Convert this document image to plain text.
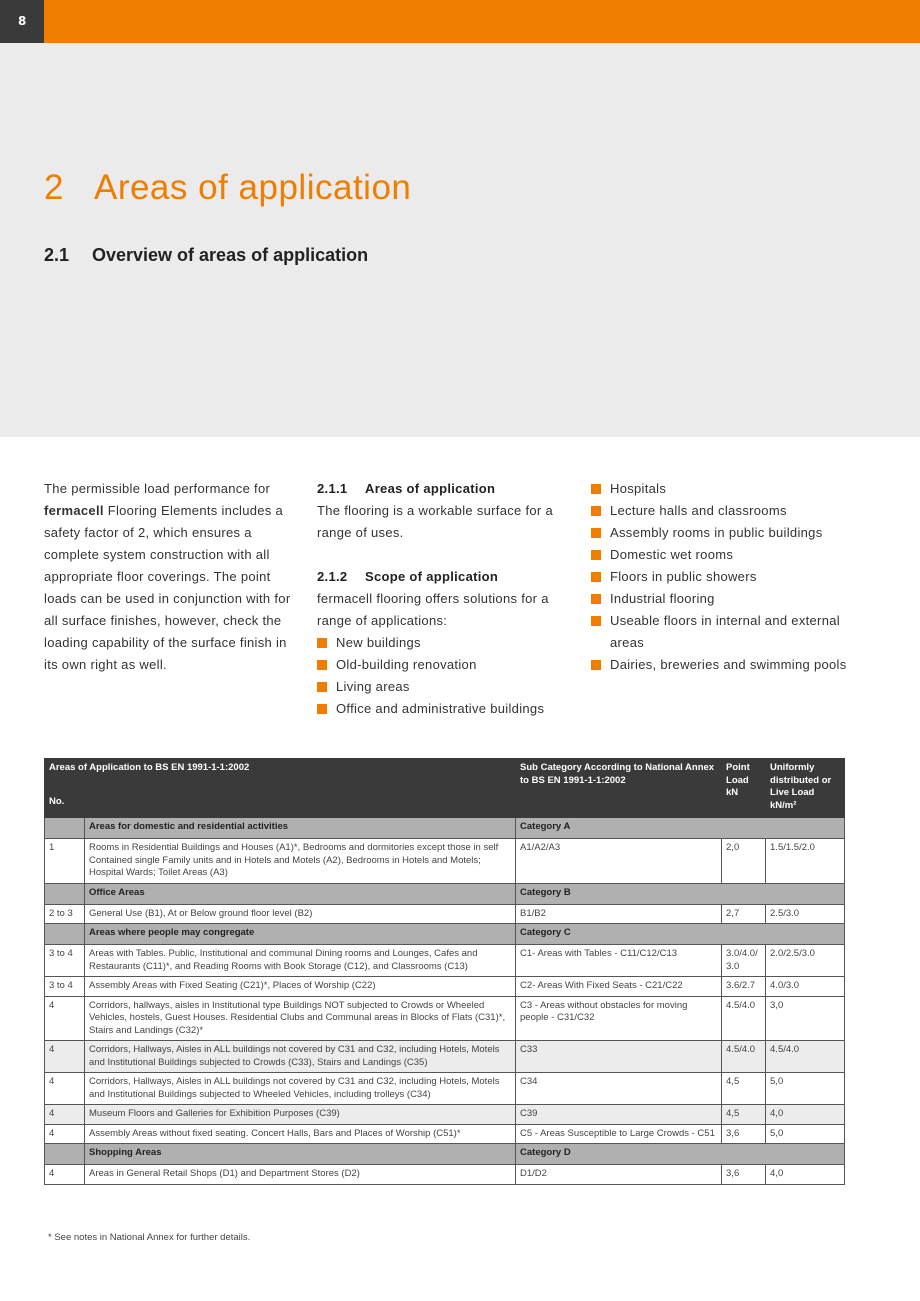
8
2 Areas of application
2.1 Overview of areas of application

The permissible load performance for fermacell Flooring Elements includes a safety factor of 2, which ensures a complete system construction with all appropriate floor coverings. The point loads can be used in conjunction with for all surface finishes, however, check the loading capability of the surface finish in its own right as well.

2.1.1 Areas of application

The flooring is a workable surface for a range of uses.

2.1.2 Scope of application

fermacell flooring offers solutions for a range of applications:

New buildings
Old-building renovation
Living areas
Office and administrative buildings
Hospitals
Lecture halls and classrooms
Assembly rooms in public buildings
Domestic wet rooms
Floors in public showers
Industrial flooring
Useable floors in internal and external areas
Dairies, breweries and swimming pools
Areas of Application to BS EN 1991-1-1:2002
No.		Sub Category According to National Annex to BS EN 1991-1-1:2002	Point Load kN	Uniformly distributed or Live Load kN/m²
	Areas for domestic and residential activities	Category A		
1	Rooms in Residential Buildings and Houses (A1)*, Bedrooms and dormitories except those in self Contained single Family units and in Hotels and Motels (A2), Bedrooms in Hotels and Motels; Hospital Wards; Toilet Areas (A3)	A1/A2/A3	2,0	1.5/1.5/2.0
	Office Areas	Category B		
2 to 3	General Use (B1), At or Below ground floor level (B2)	B1/B2	2,7	2.5/3.0
	Areas where people may congregate	Category C		
3 to 4	Areas with Tables. Public, Institutional and communal Dining rooms and Lounges, Cafes and Restaurants (C11)*, and Reading Rooms with Book Storage (C12), and Classrooms (C13)	C1- Areas with Tables - C11/C12/C13	3.0/4.0/ 3.0	2.0/2.5/3.0
3 to 4	Assembly Areas with Fixed Seating (C21)*, Places of Worship (C22)	C2- Areas With Fixed Seats - C21/C22	3.6/2.7	4.0/3.0
4	Corridors, hallways, aisles in Institutional type Buildings NOT subjected to Crowds or Wheeled Vehicles, hostels, Guest Houses. Residential Clubs and Communal areas in Blocks of Flats (C31)*, Stairs and Landings (C32)*	C3 - Areas without obstacles for moving people - C31/C32	4.5/4.0	3,0
4	Corridors, Hallways, Aisles in ALL buildings not covered by C31 and C32, including Hotels, Motels and Institutional Buildings subjected to Crowds (C33), Stairs and Landings (C35)	C33	4.5/4.0	4.5/4.0
4	Corridors, Hallways, Aisles in ALL buildings not covered by C31 and C32, including Hotels, Motels and Institutional Buildings subjected to Wheeled Vehicles, including trolleys (C34)	C34	4,5	5,0
4	Museum Floors and Galleries for Exhibition Purposes (C39)	C39	4,5	4,0
4	Assembly Areas without fixed seating. Concert Halls, Bars and Places of Worship (C51)*	C5 - Areas Susceptible to Large Crowds - C51	3,6	5,0
	Shopping Areas	Category D		
4	Areas in General Retail Shops (D1) and Department Stores (D2)	D1/D2	3,6	4,0
* See notes in National Annex for further details.
